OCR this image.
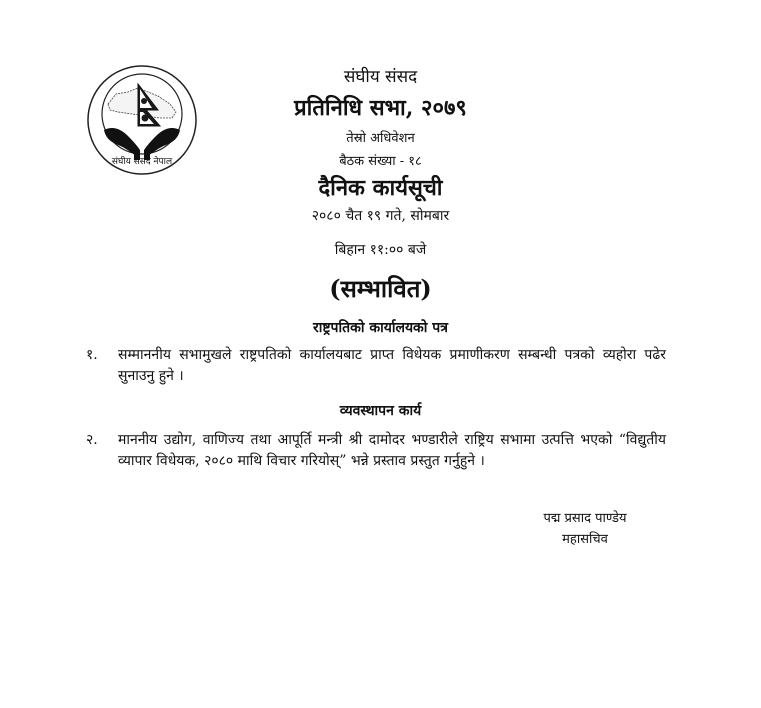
संघीय संसद नेपाल
संघीय संसद
प्रतिनिधि सभा, २०७९
तेस्रो अधिवेशन
बैठक संख्या - १८
दैनिक कार्यसूची
२०८० चैत १९ गते, सोमबार
बिहान ११:०० बजे
(सम्भावित)
राष्ट्रपतिको कार्यालयको पत्र
१.	सम्माननीय सभामुखले राष्ट्रपतिको कार्यालयबाट प्राप्त विधेयक प्रमाणीकरण सम्बन्धी पत्रको व्यहोरा पढेर सुनाउनु हुने ।
व्यवस्थापन कार्य
२.	माननीय उद्योग, वाणिज्य तथा आपूर्ति मन्त्री श्री दामोदर भण्डारीले राष्ट्रिय सभामा उत्पत्ति भएको “विद्युतीय व्यापार विधेयक, २०८० माथि विचार गरियोस्” भन्ने प्रस्ताव प्रस्तुत गर्नुहुने ।
पद्म प्रसाद पाण्डेय
महासचिव
